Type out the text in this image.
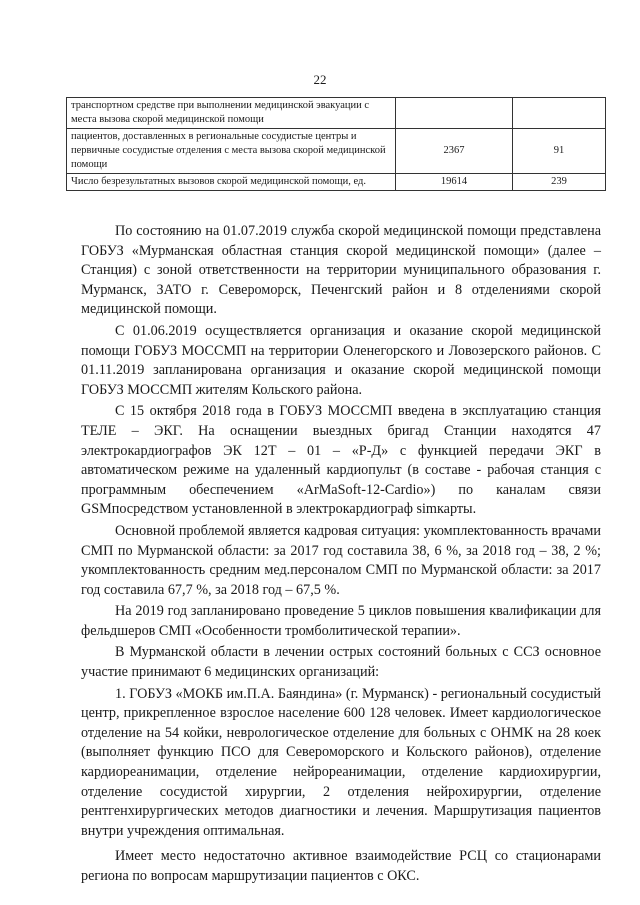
22
транспортном средстве при выполнении медицинской эвакуации с места вызова скорой медицинской помощи		
пациентов, доставленных в региональные сосудистые центры и первичные сосудистые отделения с места вызова скорой медицинской помощи	2367	91
Число безрезультатных вызовов скорой медицинской помощи, ед.	19614	239

По состоянию на 01.07.2019 служба скорой медицинской помощи представлена ГОБУЗ «Мурманская областная станция скорой медицинской помощи» (далее – Станция) с зоной ответственности на территории муниципального образования г. Мурманск, ЗАТО г. Североморск, Печенгский район и 8 отделениями скорой медицинской помощи.

С 01.06.2019 осуществляется организация и оказание скорой медицинской помощи ГОБУЗ МОССМП на территории Оленегорского и Ловозерского районов. С 01.11.2019 запланирована организация и оказание скорой медицинской помощи ГОБУЗ МОССМП жителям Кольского района.

С 15 октября 2018 года в ГОБУЗ МОССМП введена в эксплуатацию станция ТЕЛЕ – ЭКГ. На оснащении выездных бригад Станции находятся 47 электрокардиографов ЭК 12Т – 01 – «Р-Д» с функцией передачи ЭКГ в автоматическом режиме на удаленный кардиопульт (в составе - рабочая станция с программным обеспечением «ArMaSoft-12-Cardio») по каналам связи GSMпосредством установленной в электрокардиограф simкарты.

Основной проблемой является кадровая ситуация: укомплектованность врачами СМП по Мурманской области: за 2017 год составила 38, 6 %, за 2018 год – 38, 2 %; укомплектованность средним мед.персоналом СМП по Мурманской области: за 2017 год составила 67,7 %, за 2018 год – 67,5 %.

На 2019 год запланировано проведение 5 циклов повышения квалификации для фельдшеров СМП «Особенности тромболитической терапии».

В Мурманской области в лечении острых состояний больных с ССЗ основное участие принимают 6 медицинских организаций:

1. ГОБУЗ «МОКБ им.П.А. Баяндина» (г. Мурманск) - региональный сосудистый центр, прикрепленное взрослое население 600 128 человек. Имеет кардиологическое отделение на 54 койки, неврологическое отделение для больных с ОНМК на 28 коек (выполняет функцию ПСО для Североморского и Кольского районов), отделение кардиореанимации, отделение нейрореанимации, отделение кардиохирургии, отделение сосудистой хирургии, 2 отделения нейрохирургии, отделение рентгенхирургических методов диагностики и лечения. Маршрутизация пациентов внутри учреждения оптимальная.

Имеет место недостаточно активное взаимодействие РСЦ со стационарами региона по вопросам маршрутизации пациентов с ОКС.
